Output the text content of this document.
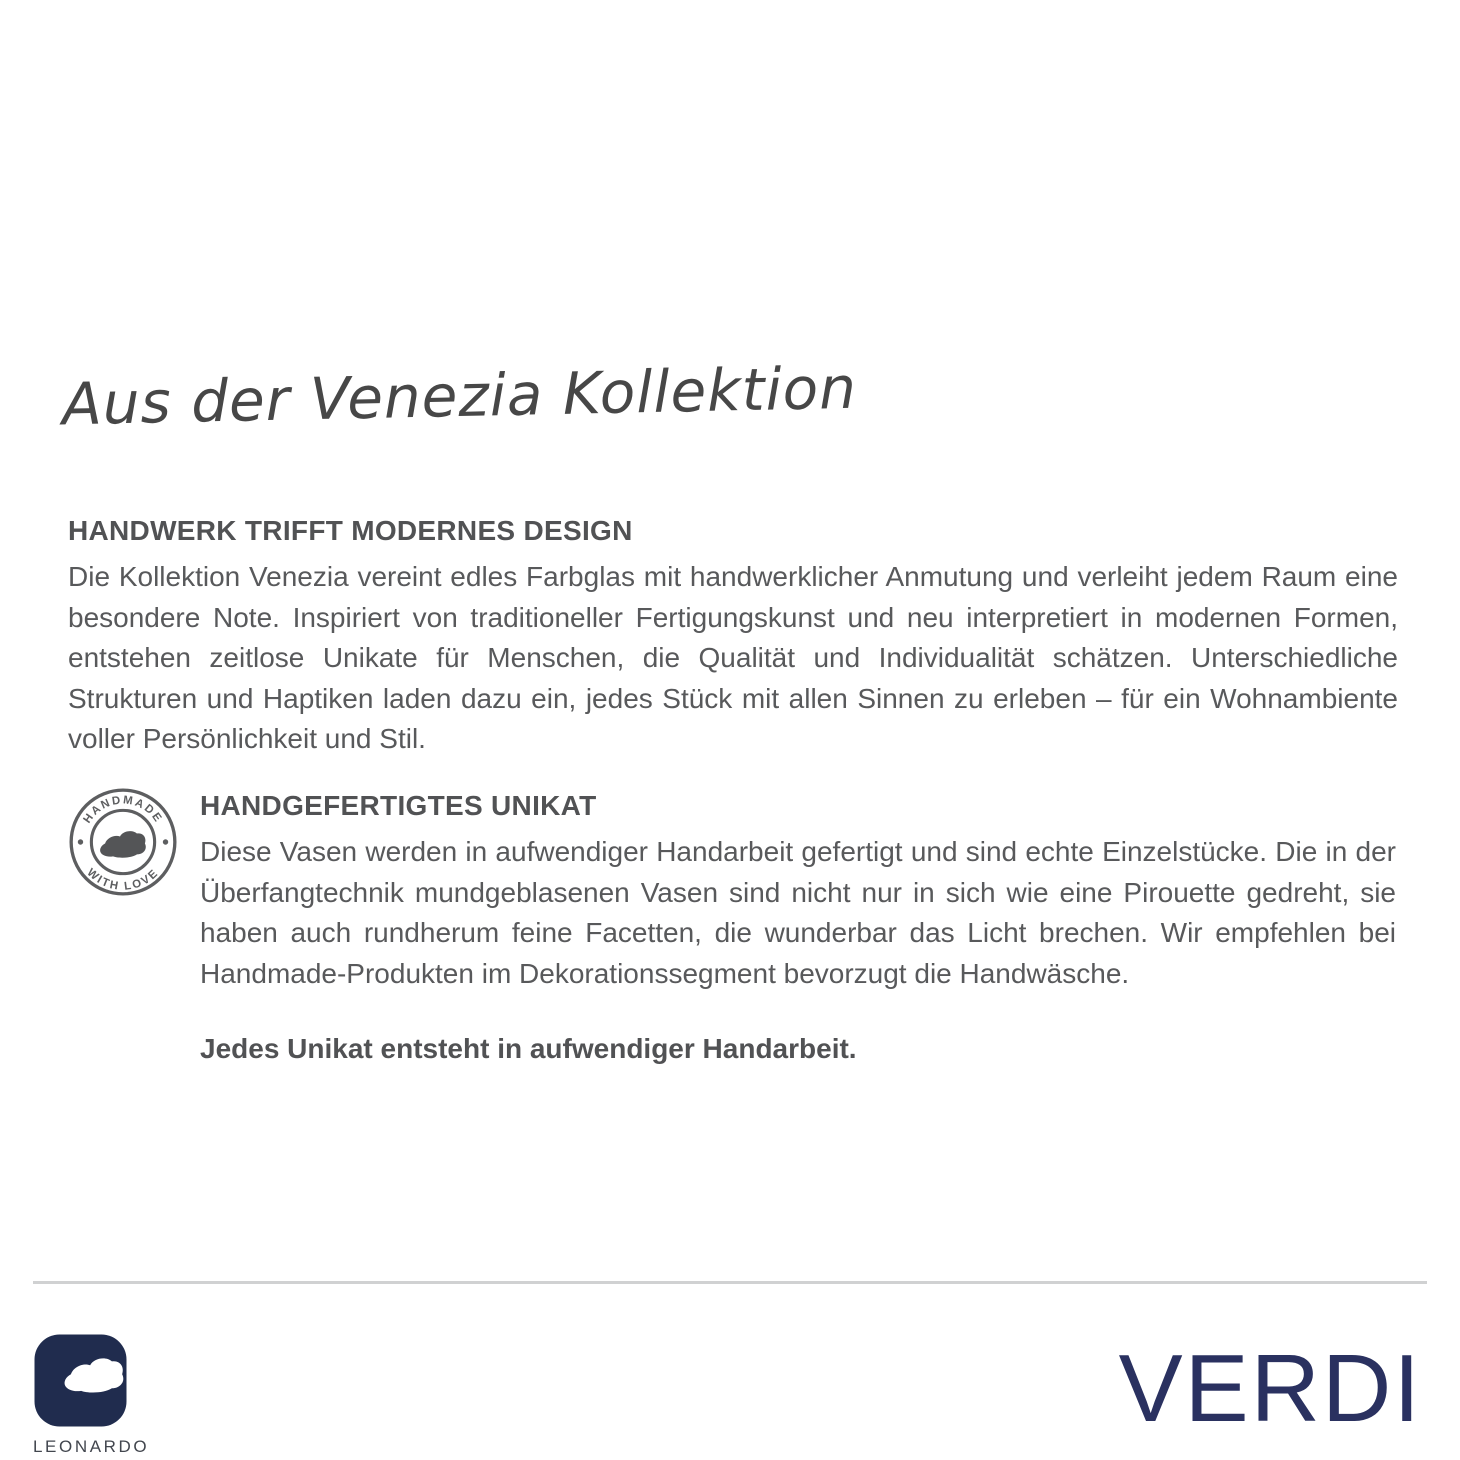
Aus der Venezia Kollektion
HANDWERK TRIFFT MODERNES DESIGN

Die Kollektion Venezia vereint edles Farbglas mit handwerklicher Anmutung und verleiht jedem Raum eine besondere Note. Inspiriert von traditioneller Fertigungskunst und neu interpretiert in modernen Formen, entstehen zeitlose Unikate für Menschen, die Qualität und Individualität schätzen. Unterschiedliche Strukturen und Haptiken laden dazu ein, jedes Stück mit allen Sinnen zu erleben – für ein Wohnambiente voller Persönlichkeit und Stil.

HANDMADE
WITH LOVE
HANDGEFERTIGTES UNIKAT

Diese Vasen werden in aufwendiger Handarbeit gefertigt und sind echte Einzelstücke. Die in der Überfangtechnik mundgeblasenen Vasen sind nicht nur in sich wie eine Pirouette gedreht, sie haben auch rundherum feine Facetten, die wunderbar das Licht brechen. Wir empfehlen bei Handmade-Produkten im Dekorationssegment bevorzugt die Handwäsche.

Jedes Unikat entsteht in aufwendiger Handarbeit.
LEONARDO
VERDI
